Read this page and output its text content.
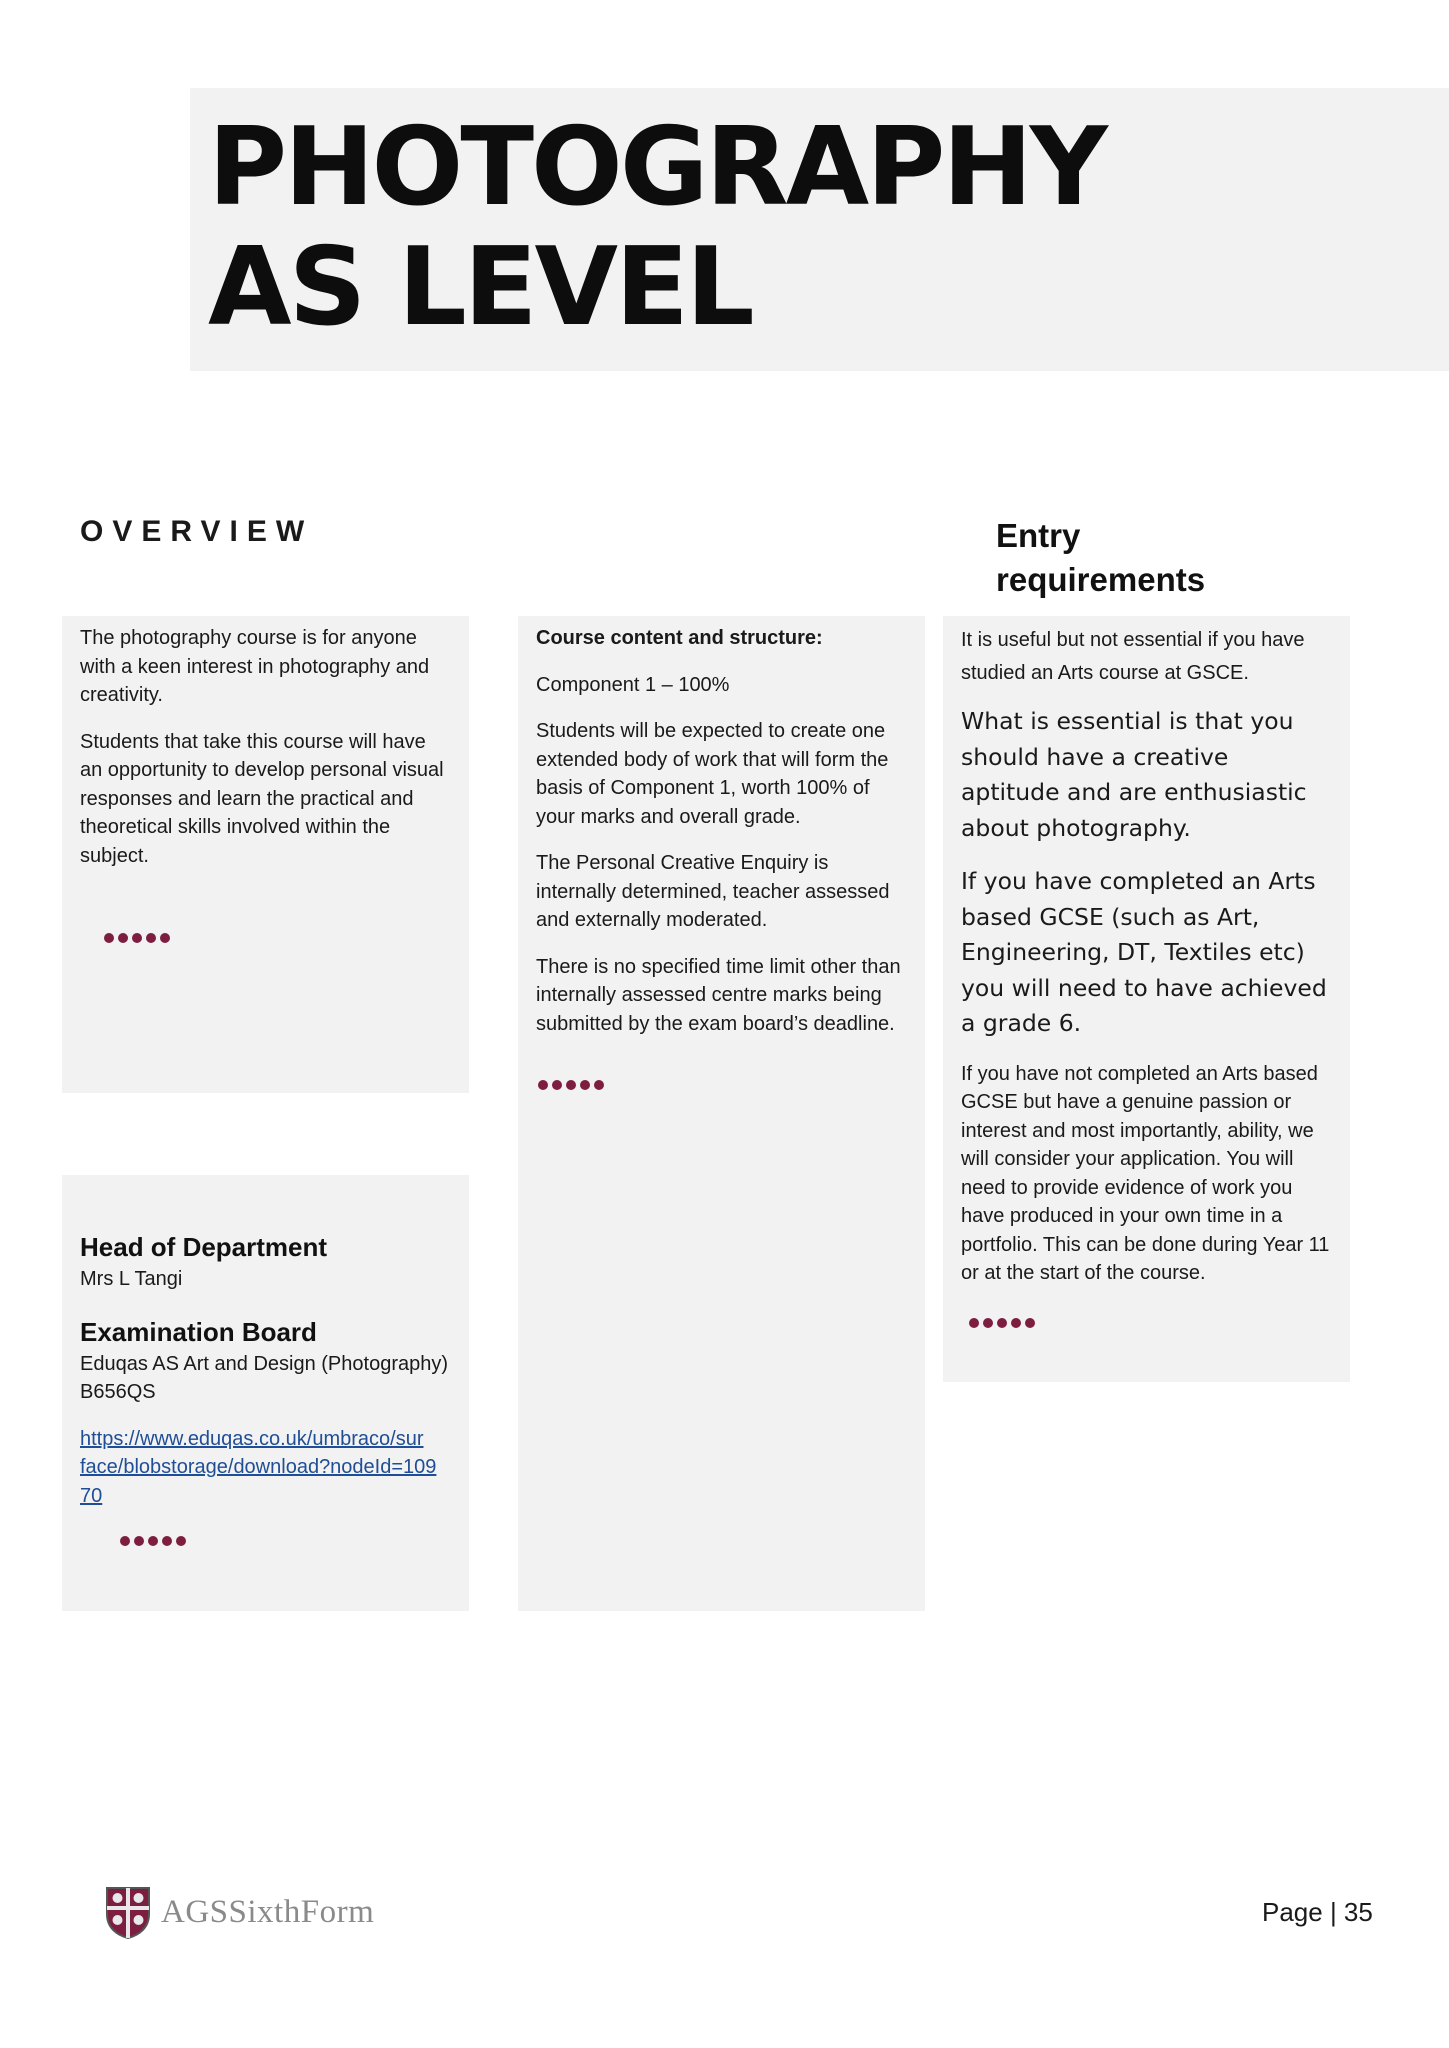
PHOTOGRAPHY
AS LEVEL
OVERVIEW	Entry requirements

The photography course is for anyone with a keen interest in photography and creativity.

Students that take this course will have an opportunity to develop personal visual responses and learn the practical and theoretical skills involved within the subject.

Head of Department

Mrs L Tangi

Examination Board

Eduqas AS Art and Design (Photography)
B656QS

https://www.eduqas.co.uk/umbraco/sur
face/blobstorage/download?nodeId=109
70

Course content and structure:

Component 1 – 100%

Students will be expected to create one extended body of work that will form the basis of Component 1, worth 100% of your marks and overall grade.

The Personal Creative Enquiry is internally determined, teacher assessed and externally moderated.

There is no specified time limit other than internally assessed centre marks being submitted by the exam board’s deadline.

It is useful but not essential if you have studied an Arts course at GSCE.

What is essential is that you should have a creative aptitude and are enthusiastic about photography.

If you have completed an Arts based GCSE (such as Art, Engineering, DT, Textiles etc) you will need to have achieved a grade 6.

If you have not completed an Arts based GCSE but have a genuine passion or interest and most importantly, ability, we will consider your application. You will need to provide evidence of work you have produced in your own time in a portfolio. This can be done during Year 11 or at the start of the course.

AGSSixthForm	Page | 35
